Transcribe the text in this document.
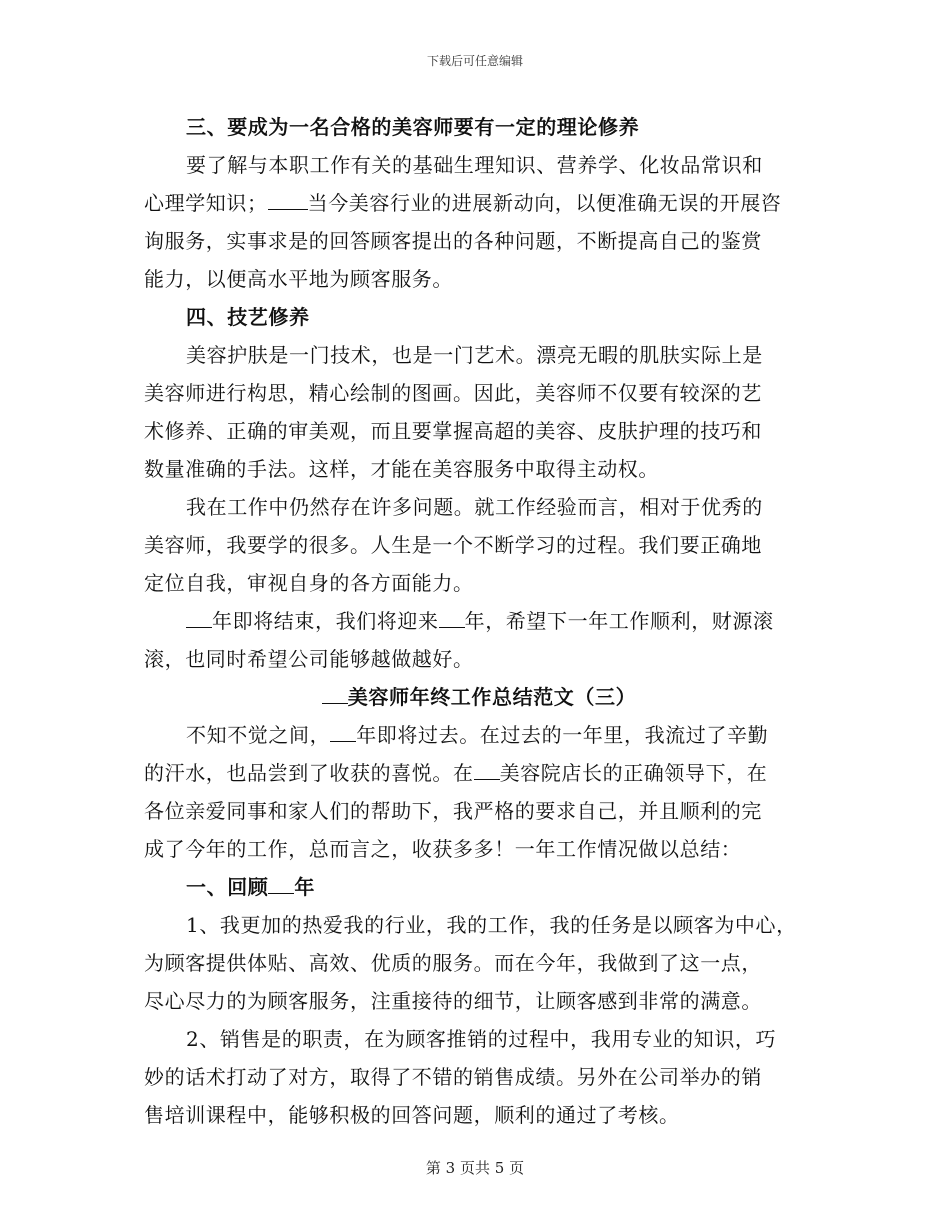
下载后可任意编辑
三、要成为一名合格的美容师要有一定的理论修养
要了解与本职工作有关的基础生理知识、营养学、化妆品常识和
心理学知识； 当今美容行业的进展新动向，以便准确无误的开展咨
询服务，实事求是的回答顾客提出的各种问题，不断提高自己的鉴赏
能力，以便高水平地为顾客服务。
四、技艺修养
美容护肤是一门技术，也是一门艺术。漂亮无暇的肌肤实际上是
美容师进行构思，精心绘制的图画。因此，美容师不仅要有较深的艺
术修养、正确的审美观，而且要掌握高超的美容、皮肤护理的技巧和
数量准确的手法。这样，才能在美容服务中取得主动权。
我在工作中仍然存在许多问题。就工作经验而言，相对于优秀的
美容师，我要学的很多。人生是一个不断学习的过程。我们要正确地
定位自我，审视自身的各方面能力。
年即将结束，我们将迎来 年，希望下一年工作顺利，财源滚
滚，也同时希望公司能够越做越好。
美容师年终工作总结范文（三）
不知不觉之间， 年即将过去。在过去的一年里，我流过了辛勤
的汗水，也品尝到了收获的喜悦。在 美容院店长的正确领导下，在
各位亲爱同事和家人们的帮助下，我严格的要求自己，并且顺利的完
成了今年的工作，总而言之，收获多多！一年工作情况做以总结：
一、回顾 年
1、我更加的热爱我的行业，我的工作，我的任务是以顾客为中心，
为顾客提供体贴、高效、优质的服务。而在今年，我做到了这一点，
尽心尽力的为顾客服务，注重接待的细节，让顾客感到非常的满意。
2、销售是的职责，在为顾客推销的过程中，我用专业的知识，巧
妙的话术打动了对方，取得了不错的销售成绩。另外在公司举办的销
售培训课程中，能够积极的回答问题，顺利的通过了考核。
第 3 页共 5 页
